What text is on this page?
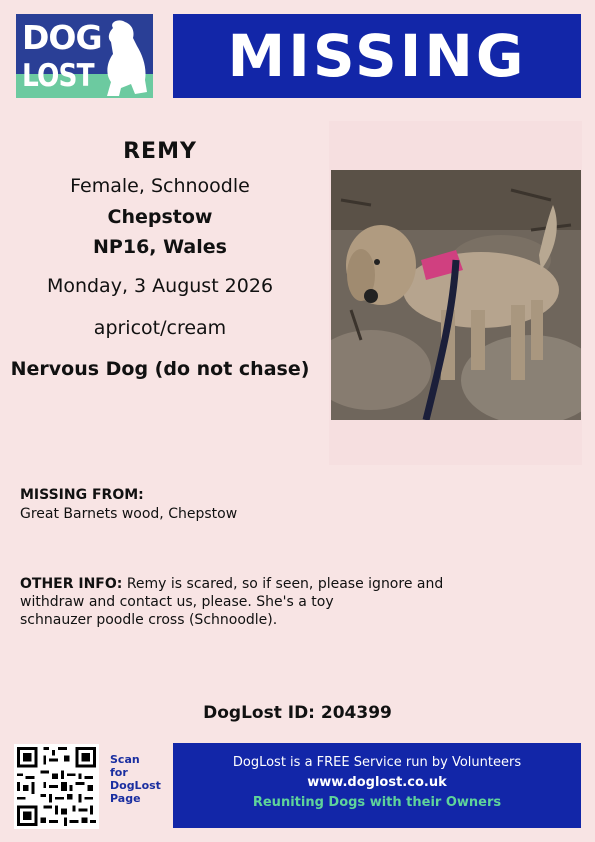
DOG
LOST	MISSING
REMY
Female, Schnoodle
Chepstow
NP16, Wales
Monday, 3 August 2026
apricot/cream
Nervous Dog (do not chase)
MISSING FROM:
Great Barnets wood, Chepstow
OTHER INFO: Remy is scared, so if seen, please ignore and
withdraw and contact us, please. She's a toy
schnauzer poodle cross (Schnoodle).
DogLost ID: 204399
Scan
for
DogLost
Page
DogLost is a FREE Service run by Volunteers
www.doglost.co.uk
Reuniting Dogs with their Owners
